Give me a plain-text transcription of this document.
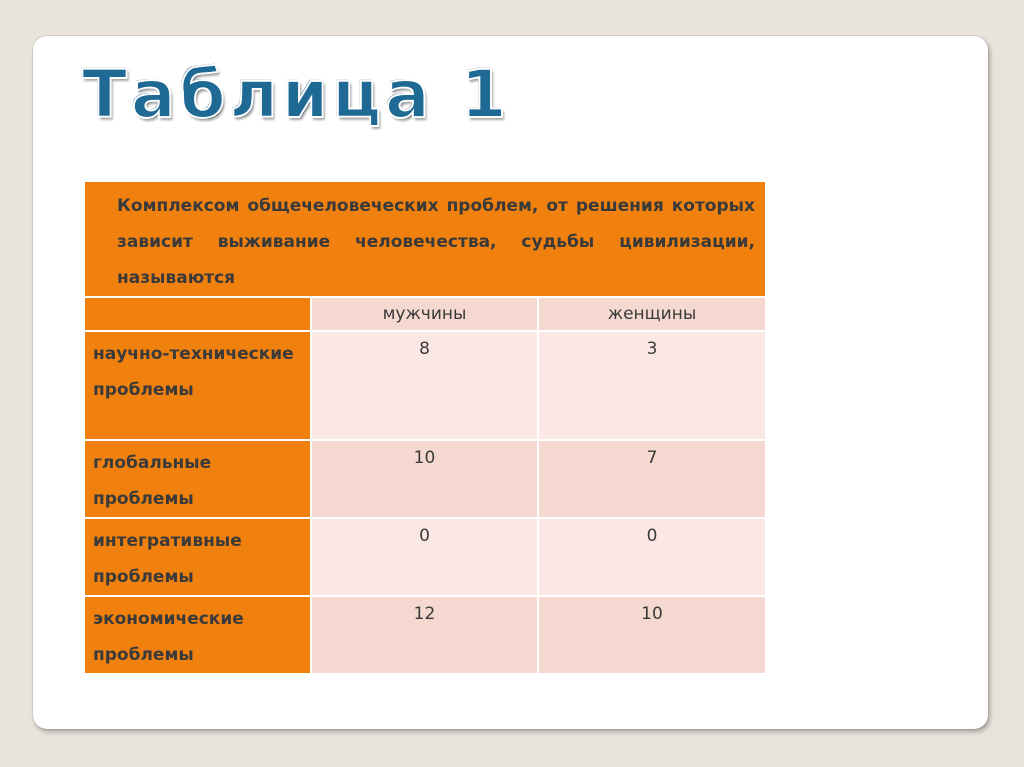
Таблица 1
Комплексом общечеловеческих проблем, от решения которых зависит выживание человечества, судьбы цивилизации, называются		
	мужчины	женщины
научно-технические проблемы	8	3
глобальные проблемы	10	7
интегративные проблемы	0	0
экономические проблемы	12	10
